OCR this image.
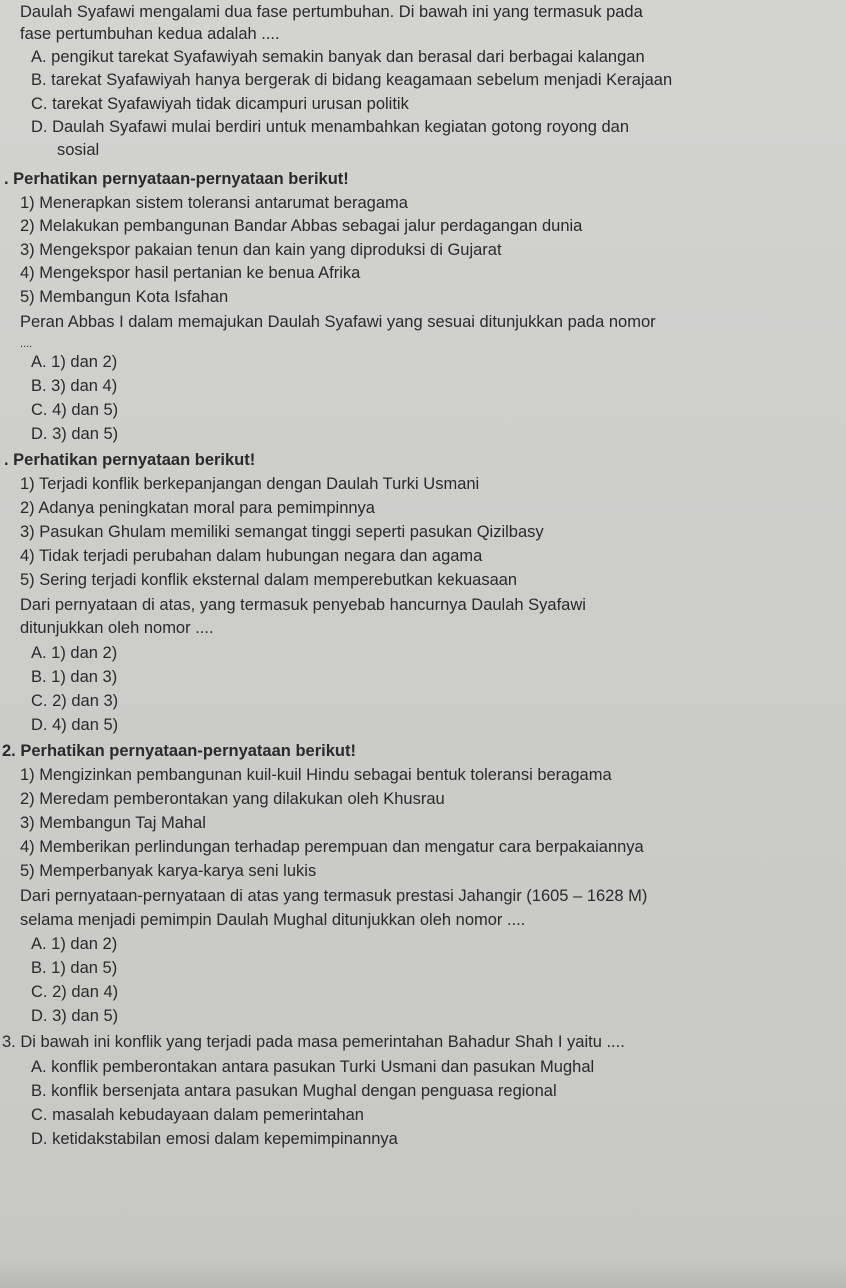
Daulah Syafawi mengalami dua fase pertumbuhan. Di bawah ini yang termasuk pada
fase pertumbuhan kedua adalah ....
A. pengikut tarekat Syafawiyah semakin banyak dan berasal dari berbagai kalangan
B. tarekat Syafawiyah hanya bergerak di bidang keagamaan sebelum menjadi Kerajaan
C. tarekat Syafawiyah tidak dicampuri urusan politik
D. Daulah Syafawi mulai berdiri untuk menambahkan kegiatan gotong royong dan
sosial
. Perhatikan pernyataan-pernyataan berikut!
1) Menerapkan sistem toleransi antarumat beragama
2) Melakukan pembangunan Bandar Abbas sebagai jalur perdagangan dunia
3) Mengekspor pakaian tenun dan kain yang diproduksi di Gujarat
4) Mengekspor hasil pertanian ke benua Afrika
5) Membangun Kota Isfahan
Peran Abbas I dalam memajukan Daulah Syafawi yang sesuai ditunjukkan pada nomor
....
A. 1) dan 2)
B. 3) dan 4)
C. 4) dan 5)
D. 3) dan 5)
. Perhatikan pernyataan berikut!
1) Terjadi konflik berkepanjangan dengan Daulah Turki Usmani
2) Adanya peningkatan moral para pemimpinnya
3) Pasukan Ghulam memiliki semangat tinggi seperti pasukan Qizilbasy
4) Tidak terjadi perubahan dalam hubungan negara dan agama
5) Sering terjadi konflik eksternal dalam memperebutkan kekuasaan
Dari pernyataan di atas, yang termasuk penyebab hancurnya Daulah Syafawi
ditunjukkan oleh nomor ....
A. 1) dan 2)
B. 1) dan 3)
C. 2) dan 3)
D. 4) dan 5)
2. Perhatikan pernyataan-pernyataan berikut!
1) Mengizinkan pembangunan kuil-kuil Hindu sebagai bentuk toleransi beragama
2) Meredam pemberontakan yang dilakukan oleh Khusrau
3) Membangun Taj Mahal
4) Memberikan perlindungan terhadap perempuan dan mengatur cara berpakaiannya
5) Memperbanyak karya-karya seni lukis
Dari pernyataan-pernyataan di atas yang termasuk prestasi Jahangir (1605 – 1628 M)
selama menjadi pemimpin Daulah Mughal ditunjukkan oleh nomor ....
A. 1) dan 2)
B. 1) dan 5)
C. 2) dan 4)
D. 3) dan 5)
3. Di bawah ini konflik yang terjadi pada masa pemerintahan Bahadur Shah I yaitu ....
A. konflik pemberontakan antara pasukan Turki Usmani dan pasukan Mughal
B. konflik bersenjata antara pasukan Mughal dengan penguasa regional
C. masalah kebudayaan dalam pemerintahan
D. ketidakstabilan emosi dalam kepemimpinannya
